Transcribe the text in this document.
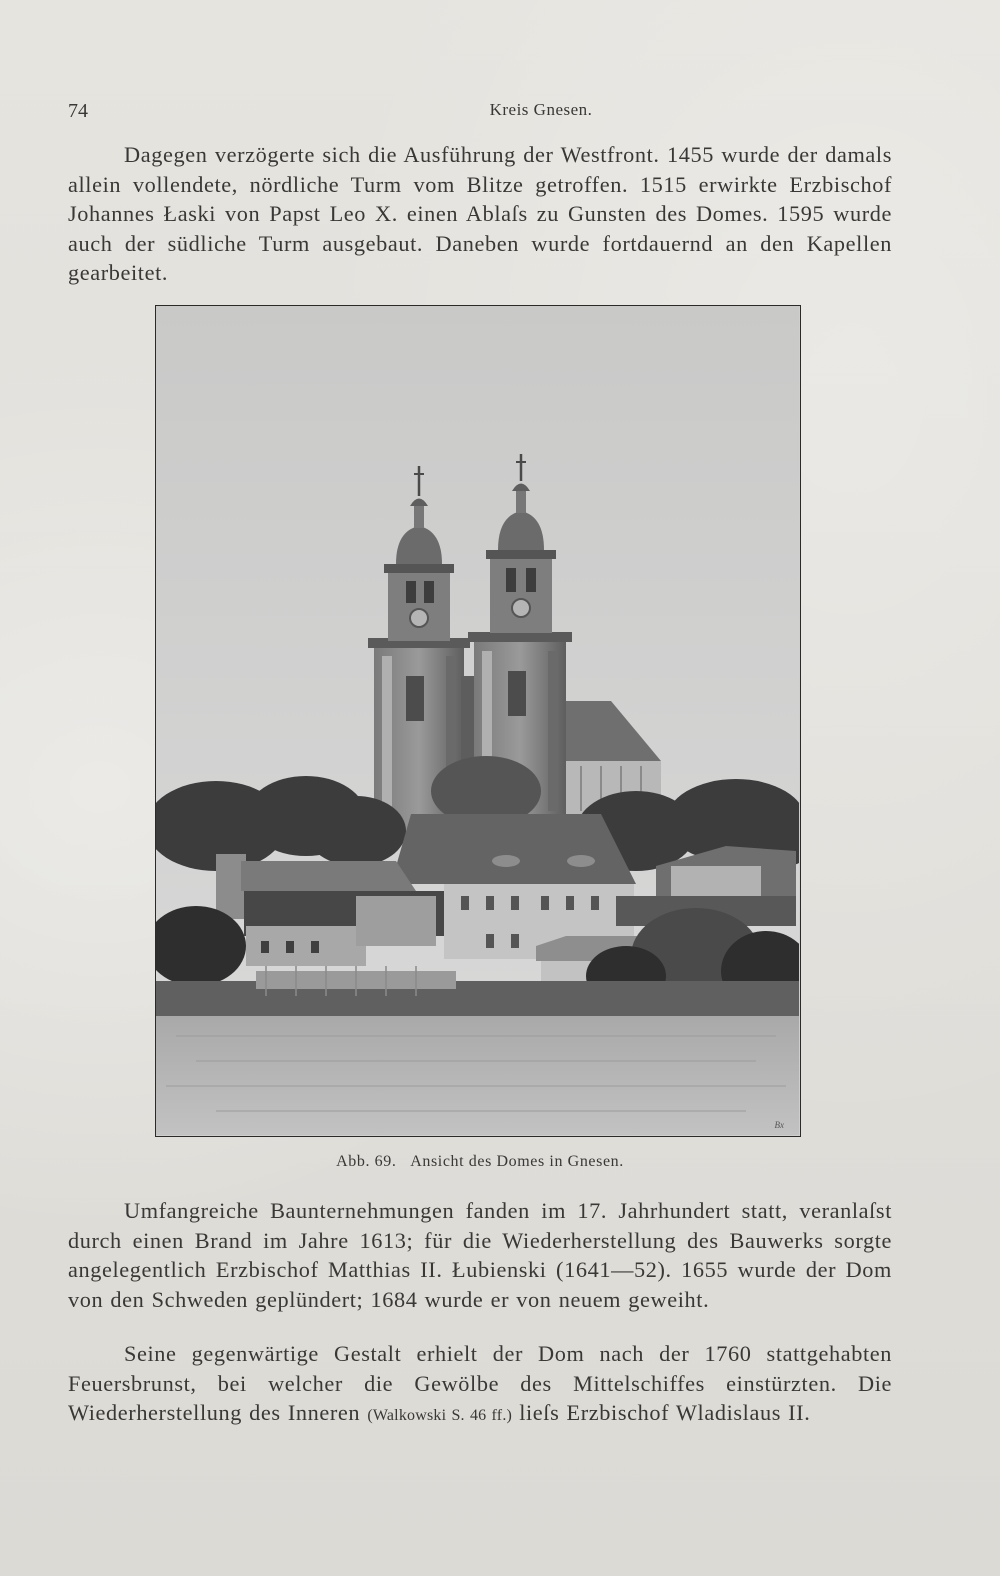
74	Kreis Gnesen.

Dagegen verzögerte sich die Ausführung der Westfront. 1455 wurde der damals allein vollendete, nördliche Turm vom Blitze getroffen. 1515 erwirkte Erzbischof Johannes Łaski von Papst Leo X. einen Ablaſs zu Gunsten des Domes. 1595 wurde auch der südliche Turm ausgebaut. Daneben wurde fortdauernd an den Kapellen gearbeitet.

Bx
Abb. 69. Ansicht des Domes in Gnesen.

Umfangreiche Baunternehmungen fanden im 17. Jahrhundert statt, veranlaſst durch einen Brand im Jahre 1613; für die Wiederherstellung des Bauwerks sorgte angelegentlich Erzbischof Matthias II. Łubienski (1641—52). 1655 wurde der Dom von den Schweden geplündert; 1684 wurde er von neuem geweiht.

Seine gegenwärtige Gestalt erhielt der Dom nach der 1760 stattgehabten Feuersbrunst, bei welcher die Gewölbe des Mittelschiffes einstürzten. Die Wiederherstellung des Inneren (Walkowski S. 46 ff.) lieſs Erzbischof Wladislaus II.
